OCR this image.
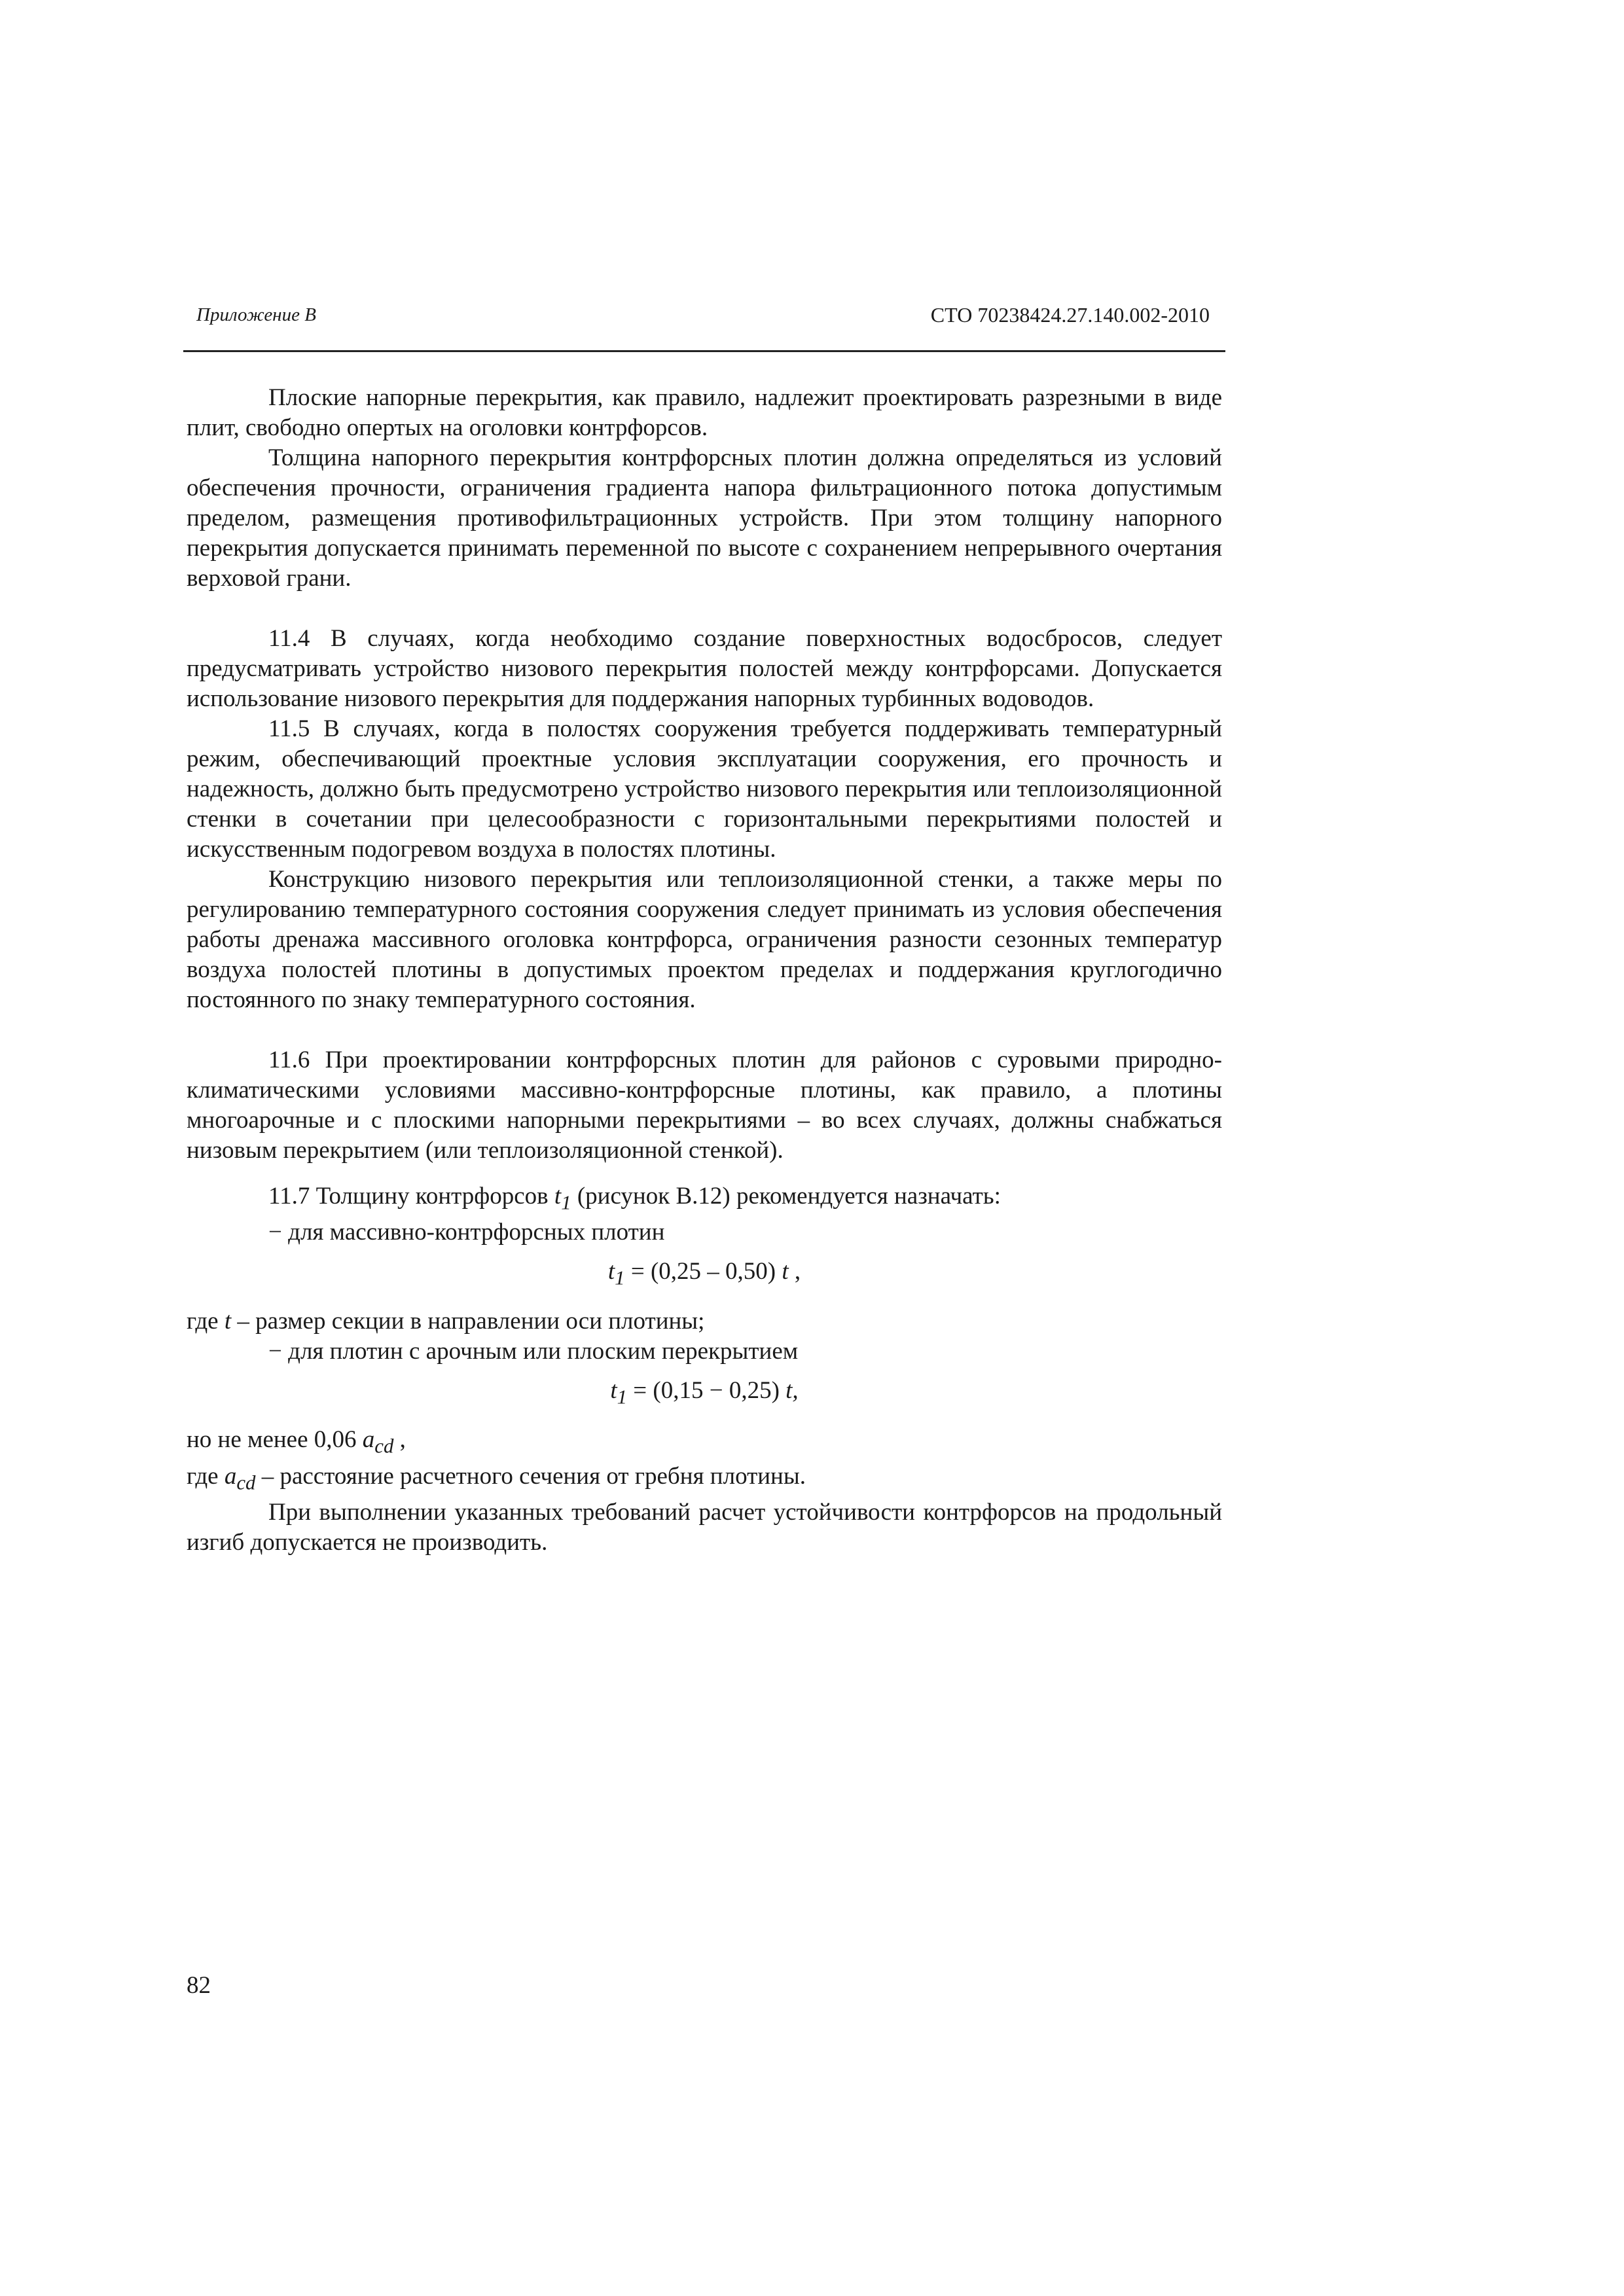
Приложение В	СТО 70238424.27.140.002-2010

Плоские напорные перекрытия, как правило, надлежит проектировать разрезными в виде плит, свободно опертых на оголовки контрфорсов.

Толщина напорного перекрытия контрфорсных плотин должна определяться из условий обеспечения прочности, ограничения градиента напора фильтрационного потока допустимым пределом, размещения противофильтрационных устройств. При этом толщину напорного перекрытия допускается принимать переменной по высоте с сохранением непрерывного очертания верховой грани.

11.4 В случаях, когда необходимо создание поверхностных водосбросов, следует предусматривать устройство низового перекрытия полостей между контрфорсами. Допускается использование низового перекрытия для поддержания напорных турбинных водоводов.

11.5 В случаях, когда в полостях сооружения требуется поддерживать температурный режим, обеспечивающий проектные условия эксплуатации сооружения, его прочность и надежность, должно быть предусмотрено устройство низового перекрытия или теплоизоляционной стенки в сочетании при целесообразности с горизонтальными перекрытиями полостей и искусственным подогревом воздуха в полостях плотины.

Конструкцию низового перекрытия или теплоизоляционной стенки, а также меры по регулированию температурного состояния сооружения следует принимать из условия обеспечения работы дренажа массивного оголовка контрфорса, ограничения разности сезонных температур воздуха полостей плотины в допустимых проектом пределах и поддержания круглогодично постоянного по знаку температурного состояния.

11.6 При проектировании контрфорсных плотин для районов с суровыми природно-климатическими условиями массивно-контрфорсные плотины, как правило, а плотины многоарочные и с плоскими напорными перекрытиями – во всех случаях, должны снабжаться низовым перекрытием (или теплоизоляционной стенкой).

11.7 Толщину контрфорсов $t_1$ (рисунок В.12) рекомендуется назначать:

− для массивно-контрфорсных плотин
$t_1 = (0,25 - 0,50)$ t ,
где t – размер секции в направлении оси плотины;
− для плотин с арочным или плоским перекрытием
$t_1 = (0,15 - 0,25)$ t,
но не менее 0,06 $a_{cd}$ ,
где $a_{cd}$ – расстояние расчетного сечения от гребня плотины.

При выполнении указанных требований расчет устойчивости контрфорсов на продольный изгиб допускается не производить.

82
